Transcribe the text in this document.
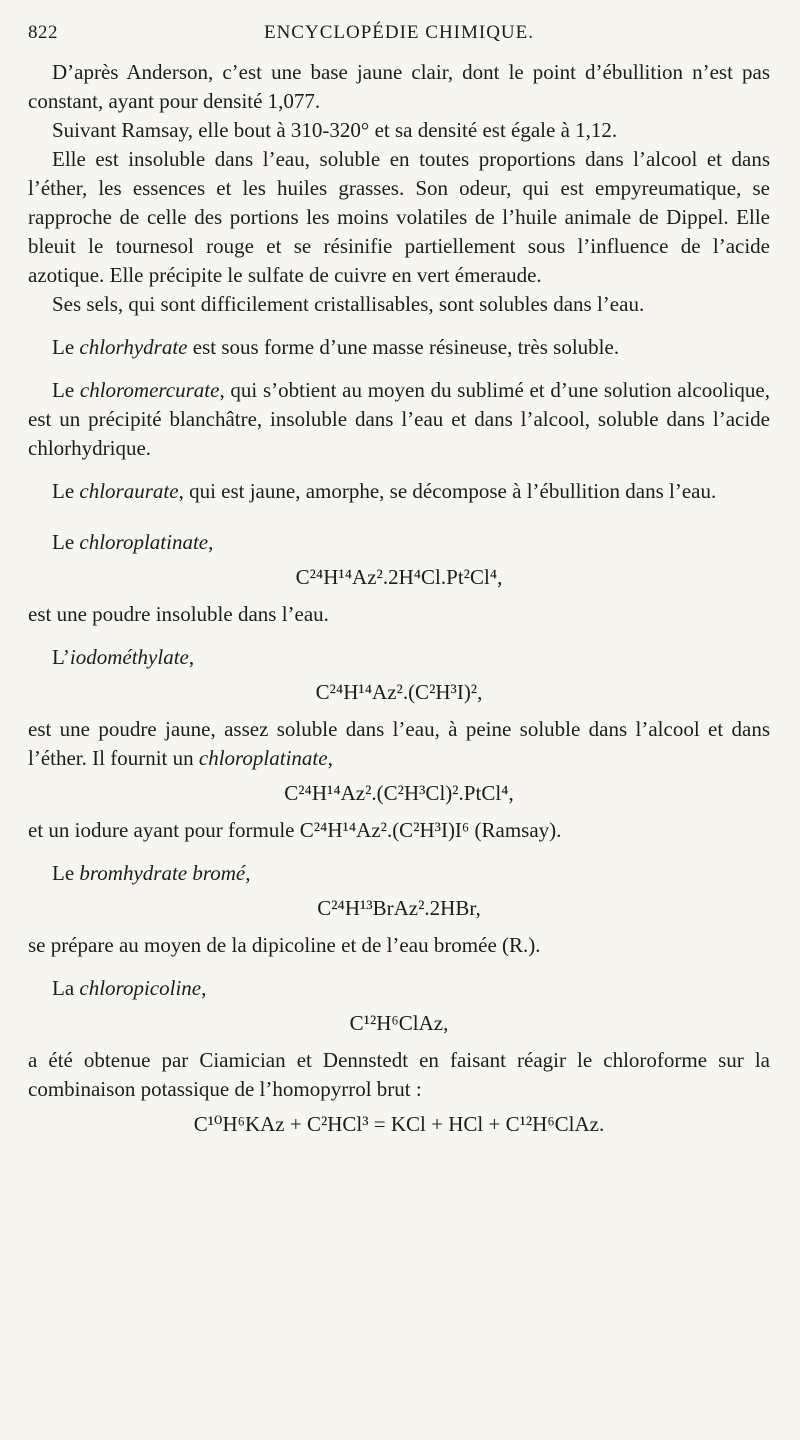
822	ENCYCLOPÉDIE CHIMIQUE.

D’après Anderson, c’est une base jaune clair, dont le point d’ébullition n’est pas constant, ayant pour densité 1,077.

Suivant Ramsay, elle bout à 310-320° et sa densité est égale à 1,12.

Elle est insoluble dans l’eau, soluble en toutes proportions dans l’alcool et dans l’éther, les essences et les huiles grasses. Son odeur, qui est empyreumatique, se rapproche de celle des portions les moins volatiles de l’huile animale de Dippel. Elle bleuit le tournesol rouge et se résinifie partiellement sous l’influence de l’acide azotique. Elle précipite le sulfate de cuivre en vert émeraude.

Ses sels, qui sont difficilement cristallisables, sont solubles dans l’eau.

Le chlorhydrate est sous forme d’une masse résineuse, très soluble.

Le chloromercurate, qui s’obtient au moyen du sublimé et d’une solution alcoolique, est un précipité blanchâtre, insoluble dans l’eau et dans l’alcool, soluble dans l’acide chlorhydrique.

Le chloraurate, qui est jaune, amorphe, se décompose à l’ébullition dans l’eau.

Le chloroplatinate,

C²⁴H¹⁴Az².2H⁴Cl.Pt²Cl⁴,

est une poudre insoluble dans l’eau.

L’iodométhylate,

C²⁴H¹⁴Az².(C²H³I)²,

est une poudre jaune, assez soluble dans l’eau, à peine soluble dans l’alcool et dans l’éther. Il fournit un chloroplatinate,

C²⁴H¹⁴Az².(C²H³Cl)².PtCl⁴,

et un iodure ayant pour formule C²⁴H¹⁴Az².(C²H³I)I⁶ (Ramsay).

Le bromhydrate bromé,

C²⁴H¹³BrAz².2HBr,

se prépare au moyen de la dipicoline et de l’eau bromée (R.).

La chloropicoline,

C¹²H⁶ClAz,

a été obtenue par Ciamician et Dennstedt en faisant réagir le chloroforme sur la combinaison potassique de l’homopyrrol brut :

C¹⁰H⁶KAz + C²HCl³ = KCl + HCl + C¹²H⁶ClAz.
